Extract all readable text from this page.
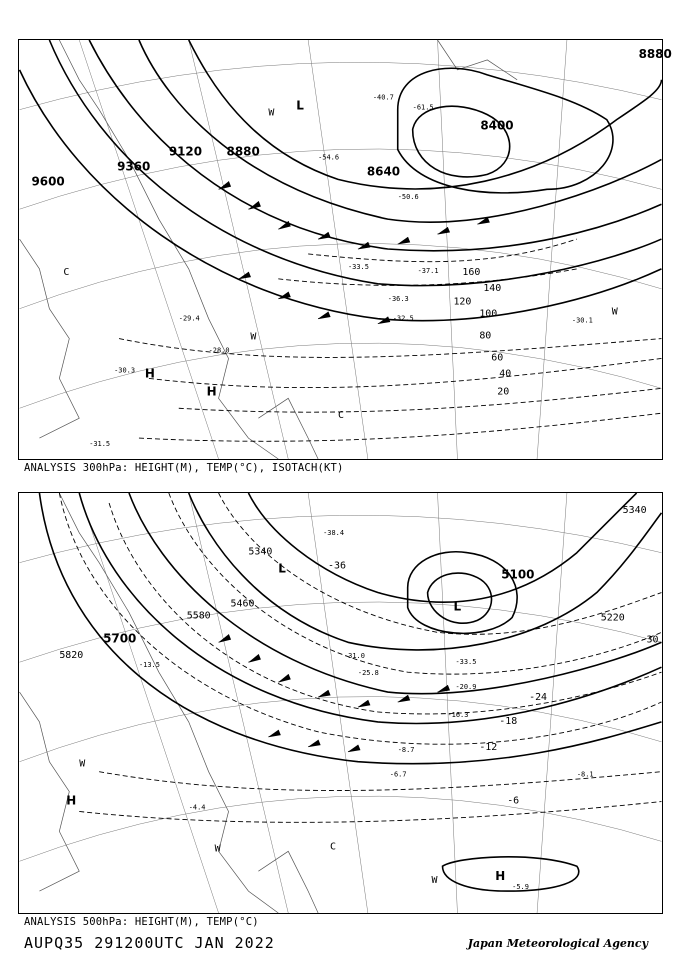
9600
9360
9120 8880
8640
8400
8880
20
40
60
80
100
120
140
160
-29.4
-28.0
-30.3
-31.5
-37.1
-36.3
-32.5	-30.1
-33.5
-40.7
-50.6
-54.6
-61.5
H
H
L
C
C
W
W
W
ANALYSIS 300hPa: HEIGHT(M), TEMP(°C), ISOTACH(KT)
5820
5700
5580
5460
5340
5220
5100
5340
-6
-12
-18
-24
-30
-36
-4.4
-5.9
-6.7	-8.1
-8.7
-13.5
-16.3
-20.9
-25.8
-31.0
-33.5
-38.4
H
H
L
L
W
W
W
C
ANALYSIS 500hPa: HEIGHT(M), TEMP(°C)
AUPQ35 291200UTC JAN 2022	Japan Meteorological Agency
